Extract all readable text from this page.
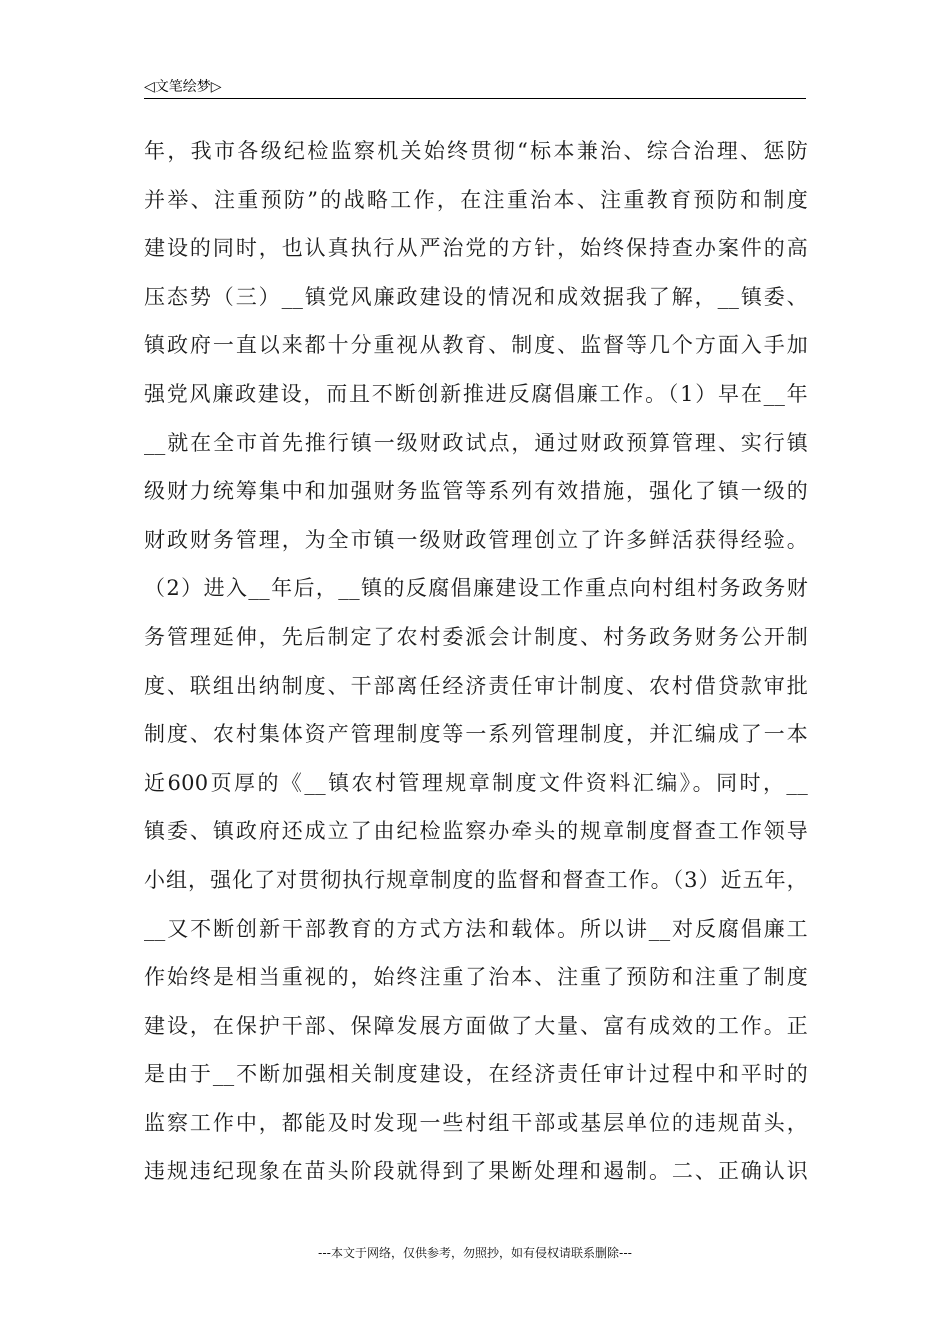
◁文笔绘梦▷
年，我市各级纪检监察机关始终贯彻“标本兼治、综合治理、惩防
并举、注重预防”的战略工作，在注重治本、注重教育预防和制度
建设的同时，也认真执行从严治党的方针，始终保持查办案件的高
压态势（三）__镇党风廉政建设的情况和成效据我了解，__镇委、
镇政府一直以来都十分重视从教育、制度、监督等几个方面入手加
强党风廉政建设，而且不断创新推进反腐倡廉工作。（1）早在__年
__就在全市首先推行镇一级财政试点，通过财政预算管理、实行镇
级财力统筹集中和加强财务监管等系列有效措施，强化了镇一级的
财政财务管理，为全市镇一级财政管理创立了许多鲜活获得经验。
（2）进入__年后，__镇的反腐倡廉建设工作重点向村组村务政务财
务管理延伸，先后制定了农村委派会计制度、村务政务财务公开制
度、联组出纳制度、干部离任经济责任审计制度、农村借贷款审批
制度、农村集体资产管理制度等一系列管理制度，并汇编成了一本
近600页厚的《__镇农村管理规章制度文件资料汇编》。同时，__
镇委、镇政府还成立了由纪检监察办牵头的规章制度督查工作领导
小组，强化了对贯彻执行规章制度的监督和督查工作。（3）近五年，
__又不断创新干部教育的方式方法和载体。所以讲__对反腐倡廉工
作始终是相当重视的，始终注重了治本、注重了预防和注重了制度
建设，在保护干部、保障发展方面做了大量、富有成效的工作。正
是由于__不断加强相关制度建设，在经济责任审计过程中和平时的
监察工作中，都能及时发现一些村组干部或基层单位的违规苗头，
违规违纪现象在苗头阶段就得到了果断处理和遏制。二、正确认识
---本文于网络，仅供参考，勿照抄，如有侵权请联系删除---
